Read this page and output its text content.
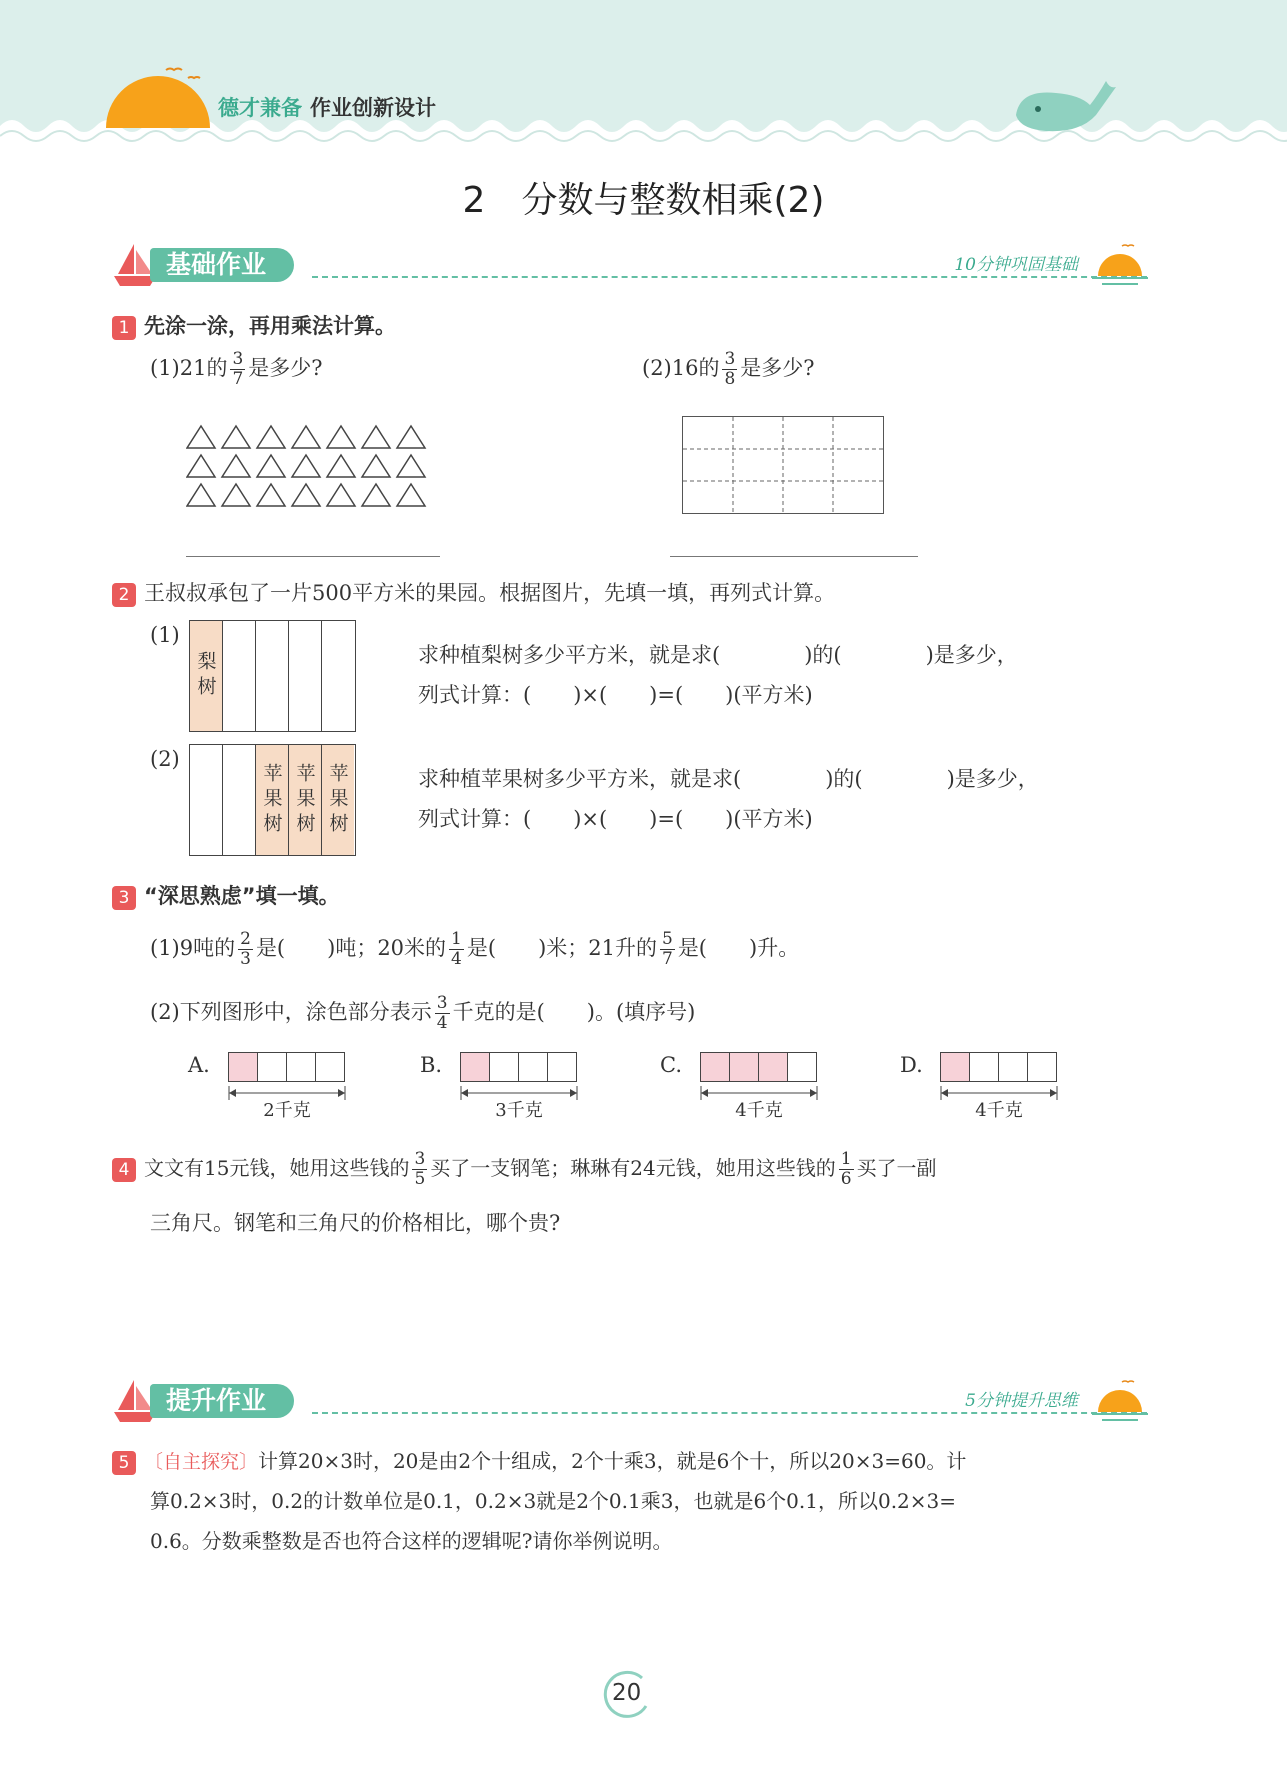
德才兼备 作业创新设计
2　分数与整数相乘(2)
基础作业	10分钟巩固基础
1 先涂一涂，再用乘法计算。
(1)21的 $\frac{3}{7}$ 是多少?	(2)16的 $\frac{3}{8}$ 是多少?
2 王叔叔承包了一片500平方米的果园。根据图片，先填一填，再列式计算。
(1)
梨树	求种植梨树多少平方米，就是求(　　　　)的(　　　　)是多少，
列式计算：(　　)×(　　)=(　　)(平方米)
(2)
苹果树 苹果树 苹果树	求种植苹果树多少平方米，就是求(　　　　)的(　　　　)是多少，
列式计算：(　　)×(　　)=(　　)(平方米)
3 “深思熟虑”填一填。
(1)9吨的 $\frac{2}{3}$ 是(　　)吨；20米的 $\frac{1}{4}$ 是(　　)米；21升的 $\frac{5}{7}$ 是(　　)升。
(2)下列图形中，涂色部分表示 $\frac{3}{4}$ 千克的是(　　)。(填序号)
A.
2千克
B.
3千克
C.
4千克
D.
4千克
4 文文有15元钱，她用这些钱的 $\frac{3}{5}$ 买了一支钢笔；琳琳有24元钱，她用这些钱的 $\frac{1}{6}$ 买了一副
三角尺。钢笔和三角尺的价格相比，哪个贵?
提升作业	5分钟提升思维
5 〔自主探究〕计算20×3时，20是由2个十组成，2个十乘3，就是6个十，所以20×3=60。计
算0.2×3时，0.2的计数单位是0.1，0.2×3就是2个0.1乘3，也就是6个0.1，所以0.2×3=
0.6。分数乘整数是否也符合这样的逻辑呢?请你举例说明。
20
